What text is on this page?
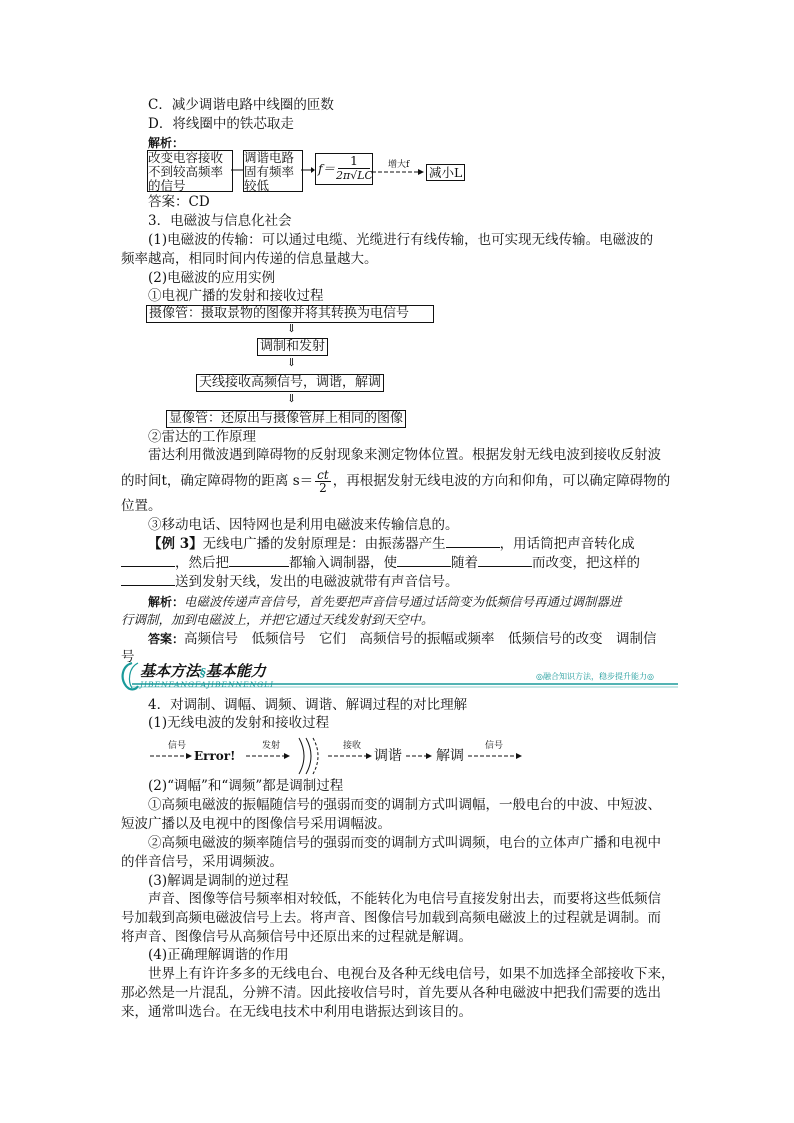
C．减少调谐电路中线圈的匝数
D．将线圈中的铁芯取走
解析：
改变电容接收
不到较高频率
的信号
调谐电路
固有频率
较低
f＝
1
2π√LC
增大f 减小L
答案：CD
3．电磁波与信息化社会
(1)电磁波的传输：可以通过电缆、光缆进行有线传输，也可实现无线传输。电磁波的
频率越高，相同时间内传递的信息量越大。
(2)电磁波的应用实例
①电视广播的发射和接收过程
摄像管：摄取景物的图像并将其转换为电信号
⇓
调制和发射
⇓
天线接收高频信号，调谐，解调
⇓
显像管：还原出与摄像管屏上相同的图像
②雷达的工作原理
雷达利用微波遇到障碍物的反射现象来测定物体位置。根据发射无线电波到接收反射波
的时间t，确定障碍物的距离 $s= \frac{ct}{2}$ ，再根据发射无线电波的方向和仰角，可以确定障碍物的
位置。
③移动电话、因特网也是利用电磁波来传输信息的。
【例 3】无线电广播的发射原理是：由振荡器产生	，用话筒把声音转化成
，然后把	都输入调制器，使	随着	而改变，把这样的
送到发射天线，发出的电磁波就带有声音信号。
解析：电磁波传递声音信号，首先要把声音信号通过话筒变为低频信号再通过调制器进
行调制，加到电磁波上，并把它通过天线发射到天空中。
答案：高频信号　低频信号　它们　高频信号的振幅或频率　低频信号的改变　调制信
号
基本方法§基本能力
JIBENFANGFAJIBENNENGLI
◎融合知识方法，稳步提升能力◎
4．对调制、调幅、调频、调谐、解调过程的对比理解
(1)无线电波的发射和接收过程
信号
Error!
发射	接收
调谐 解调
信号
(2)“调幅”和“调频”都是调制过程
①高频电磁波的振幅随信号的强弱而变的调制方式叫调幅，一般电台的中波、中短波、
短波广播以及电视中的图像信号采用调幅波。
②高频电磁波的频率随信号的强弱而变的调制方式叫调频，电台的立体声广播和电视中
的伴音信号，采用调频波。
(3)解调是调制的逆过程
声音、图像等信号频率相对较低，不能转化为电信号直接发射出去，而要将这些低频信
号加载到高频电磁波信号上去。将声音、图像信号加载到高频电磁波上的过程就是调制。而
将声音、图像信号从高频信号中还原出来的过程就是解调。
(4)正确理解调谐的作用
世界上有许许多多的无线电台、电视台及各种无线电信号，如果不加选择全部接收下来，
那必然是一片混乱，分辨不清。因此接收信号时，首先要从各种电磁波中把我们需要的选出
来，通常叫选台。在无线电技术中利用电谐振达到该目的。
